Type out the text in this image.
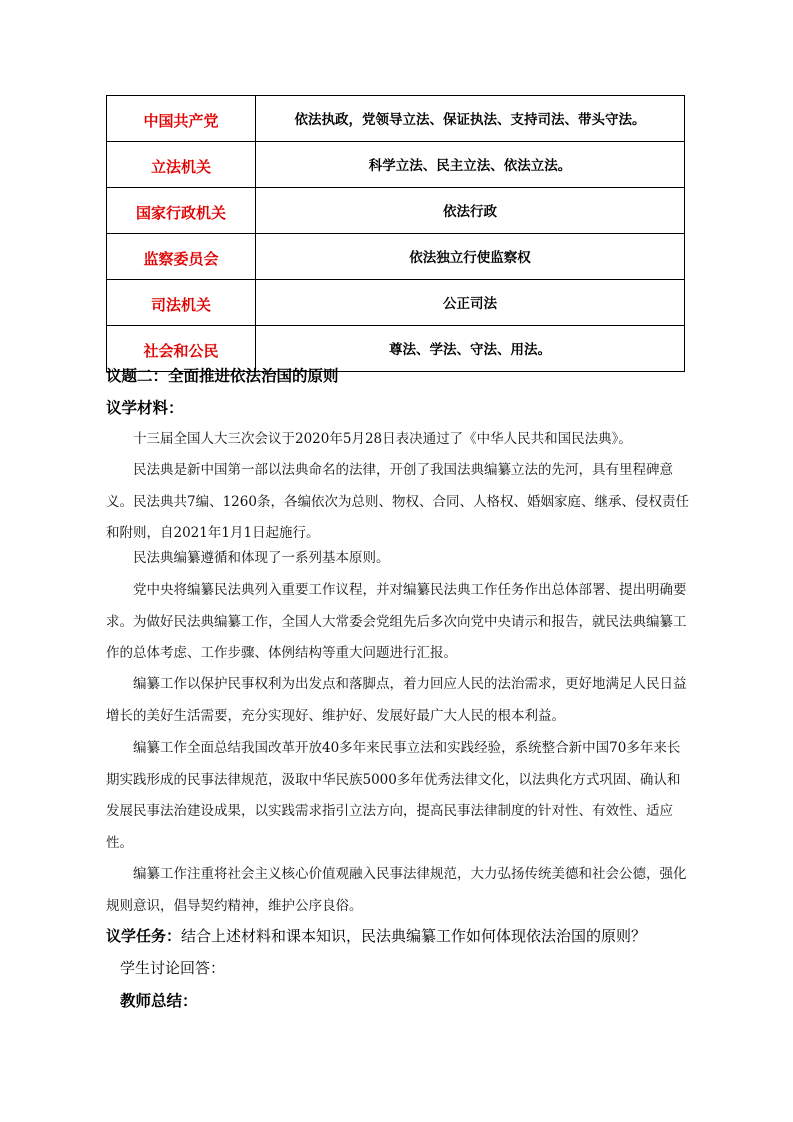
中国共产党	依法执政，党领导立法、保证执法、支持司法、带头守法。
立法机关	科学立法、民主立法、依法立法。
国家行政机关	依法行政
监察委员会	依法独立行使监察权
司法机关	公正司法
社会和公民	尊法、学法、守法、用法。
议题二：全面推进依法治国的原则
议学材料：

十三届全国人大三次会议于2020年5月28日表决通过了《中华人民共和国民法典》。

民法典是新中国第一部以法典命名的法律，开创了我国法典编纂立法的先河，具有里程碑意义。民法典共7编、1260条，各编依次为总则、物权、合同、人格权、婚姻家庭、继承、侵权责任和附则，自2021年1月1日起施行。

民法典编纂遵循和体现了一系列基本原则。

党中央将编纂民法典列入重要工作议程，并对编纂民法典工作任务作出总体部署、提出明确要求。为做好民法典编纂工作，全国人大常委会党组先后多次向党中央请示和报告，就民法典编纂工作的总体考虑、工作步骤、体例结构等重大问题进行汇报。

编纂工作以保护民事权利为出发点和落脚点，着力回应人民的法治需求，更好地满足人民日益增长的美好生活需要，充分实现好、维护好、发展好最广大人民的根本利益。

编纂工作全面总结我国改革开放40多年来民事立法和实践经验，系统整合新中国70多年来长期实践形成的民事法律规范，汲取中华民族5000多年优秀法律文化，以法典化方式巩固、确认和发展民事法治建设成果，以实践需求指引立法方向，提高民事法律制度的针对性、有效性、适应性。

编纂工作注重将社会主义核心价值观融入民事法律规范，大力弘扬传统美德和社会公德，强化规则意识，倡导契约精神，维护公序良俗。

议学任务：结合上述材料和课本知识，民法典编纂工作如何体现依法治国的原则？
学生讨论回答：
教师总结：
